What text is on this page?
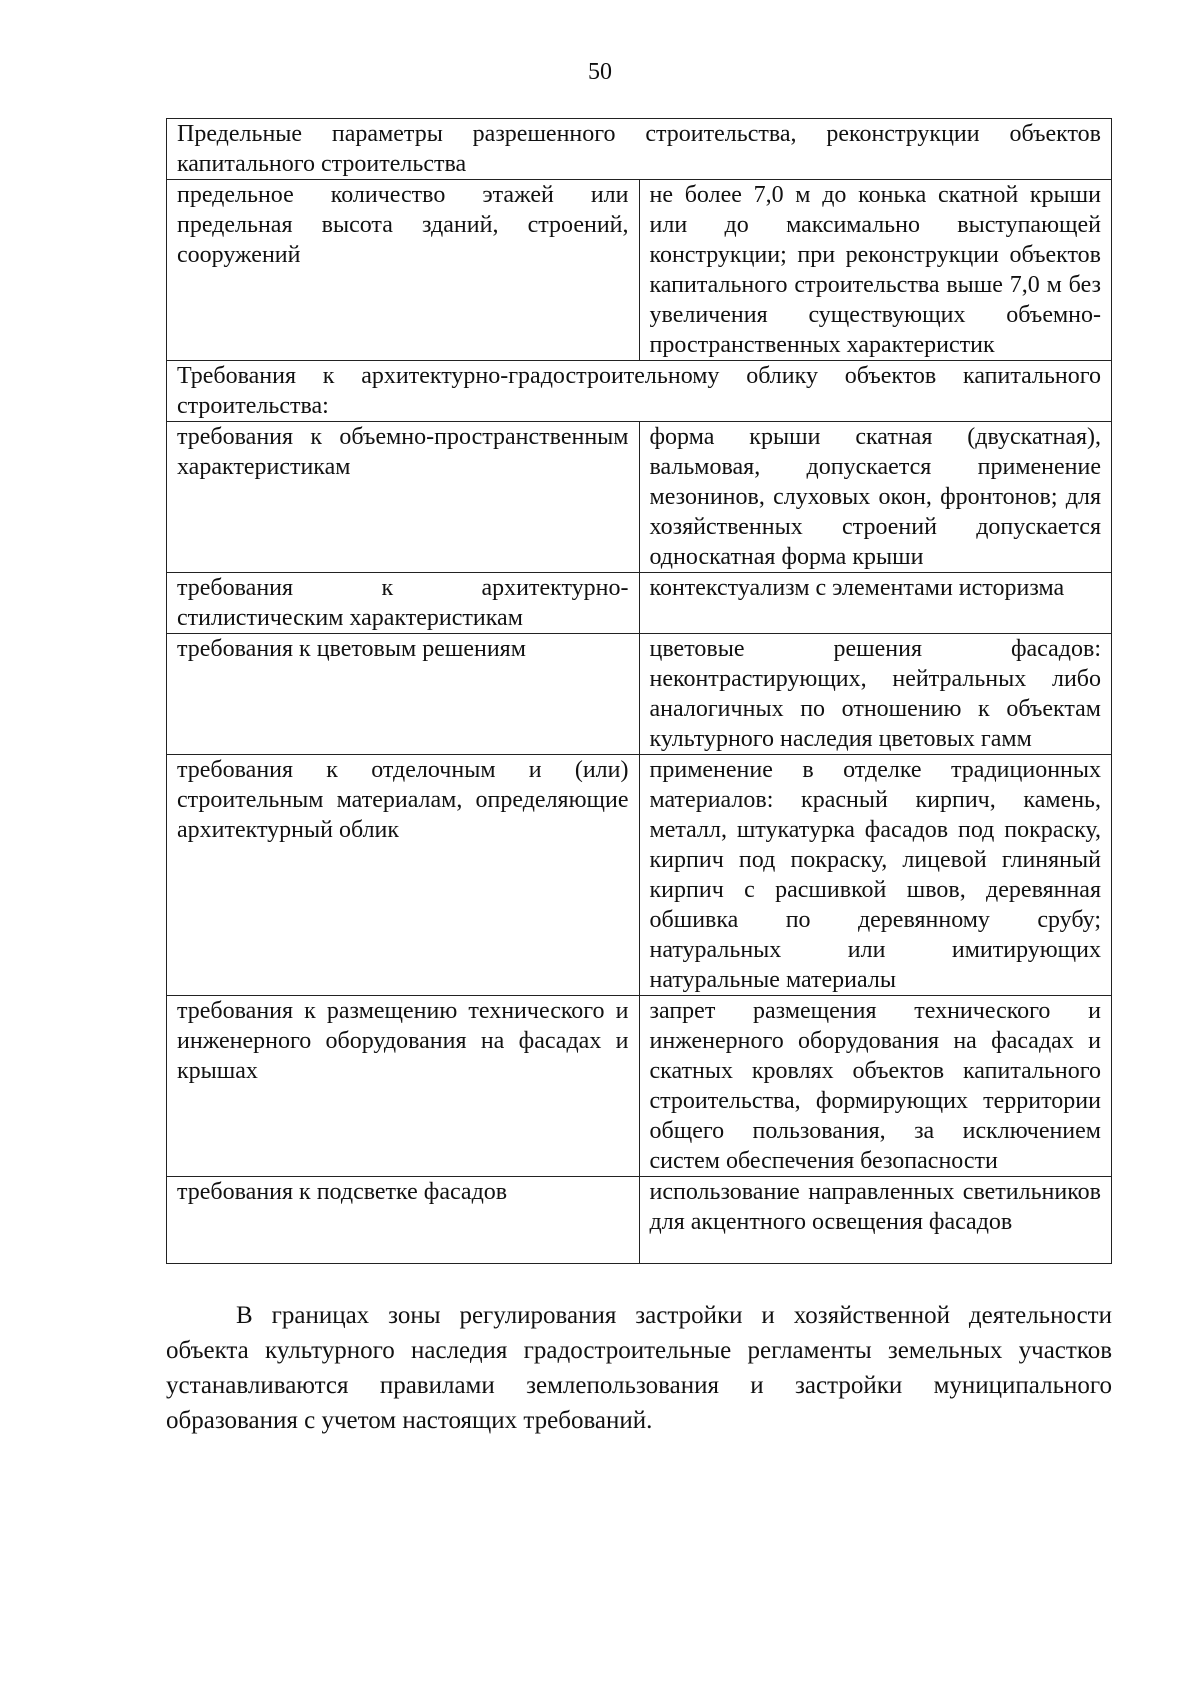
50
Предельные параметры разрешенного строительства, реконструкции объектов капитального строительства	
предельное количество этажей или предельная высота зданий, строений, сооружений	не более 7,0 м до конька скатной крыши или до максимально выступающей конструкции; при реконструкции объектов капитального строительства выше 7,0 м без увеличения существующих объемно-пространственных характеристик
Требования к архитектурно-градостроительному облику объектов капитального строительства:	
требования к объемно-пространственным характеристикам	форма крыши скатная (двускатная), вальмовая, допускается применение мезонинов, слуховых окон, фронтонов; для хозяйственных строений допускается односкатная форма крыши
требования к архитектурно-стилистическим характеристикам	контекстуализм с элементами историзма
требования к цветовым решениям	цветовые решения фасадов: неконтрастирующих, нейтральных либо аналогичных по отношению к объектам культурного наследия цветовых гамм
требования к отделочным и (или) строительным материалам, определяющие архитектурный облик	применение в отделке традиционных материалов: красный кирпич, камень, металл, штукатурка фасадов под покраску, кирпич под покраску, лицевой глиняный кирпич с расшивкой швов, деревянная обшивка по деревянному срубу; натуральных или имитирующих натуральные материалы
требования к размещению технического и инженерного оборудования на фасадах и крышах	запрет размещения технического и инженерного оборудования на фасадах и скатных кровлях объектов капитального строительства, формирующих территории общего пользования, за исключением систем обеспечения безопасности
требования к подсветке фасадов	использование направленных светильников для акцентного освещения фасадов

В границах зоны регулирования застройки и хозяйственной деятельности объекта культурного наследия градостроительные регламенты земельных участков устанавливаются правилами землепользования и застройки муниципального образования с учетом настоящих требований.
